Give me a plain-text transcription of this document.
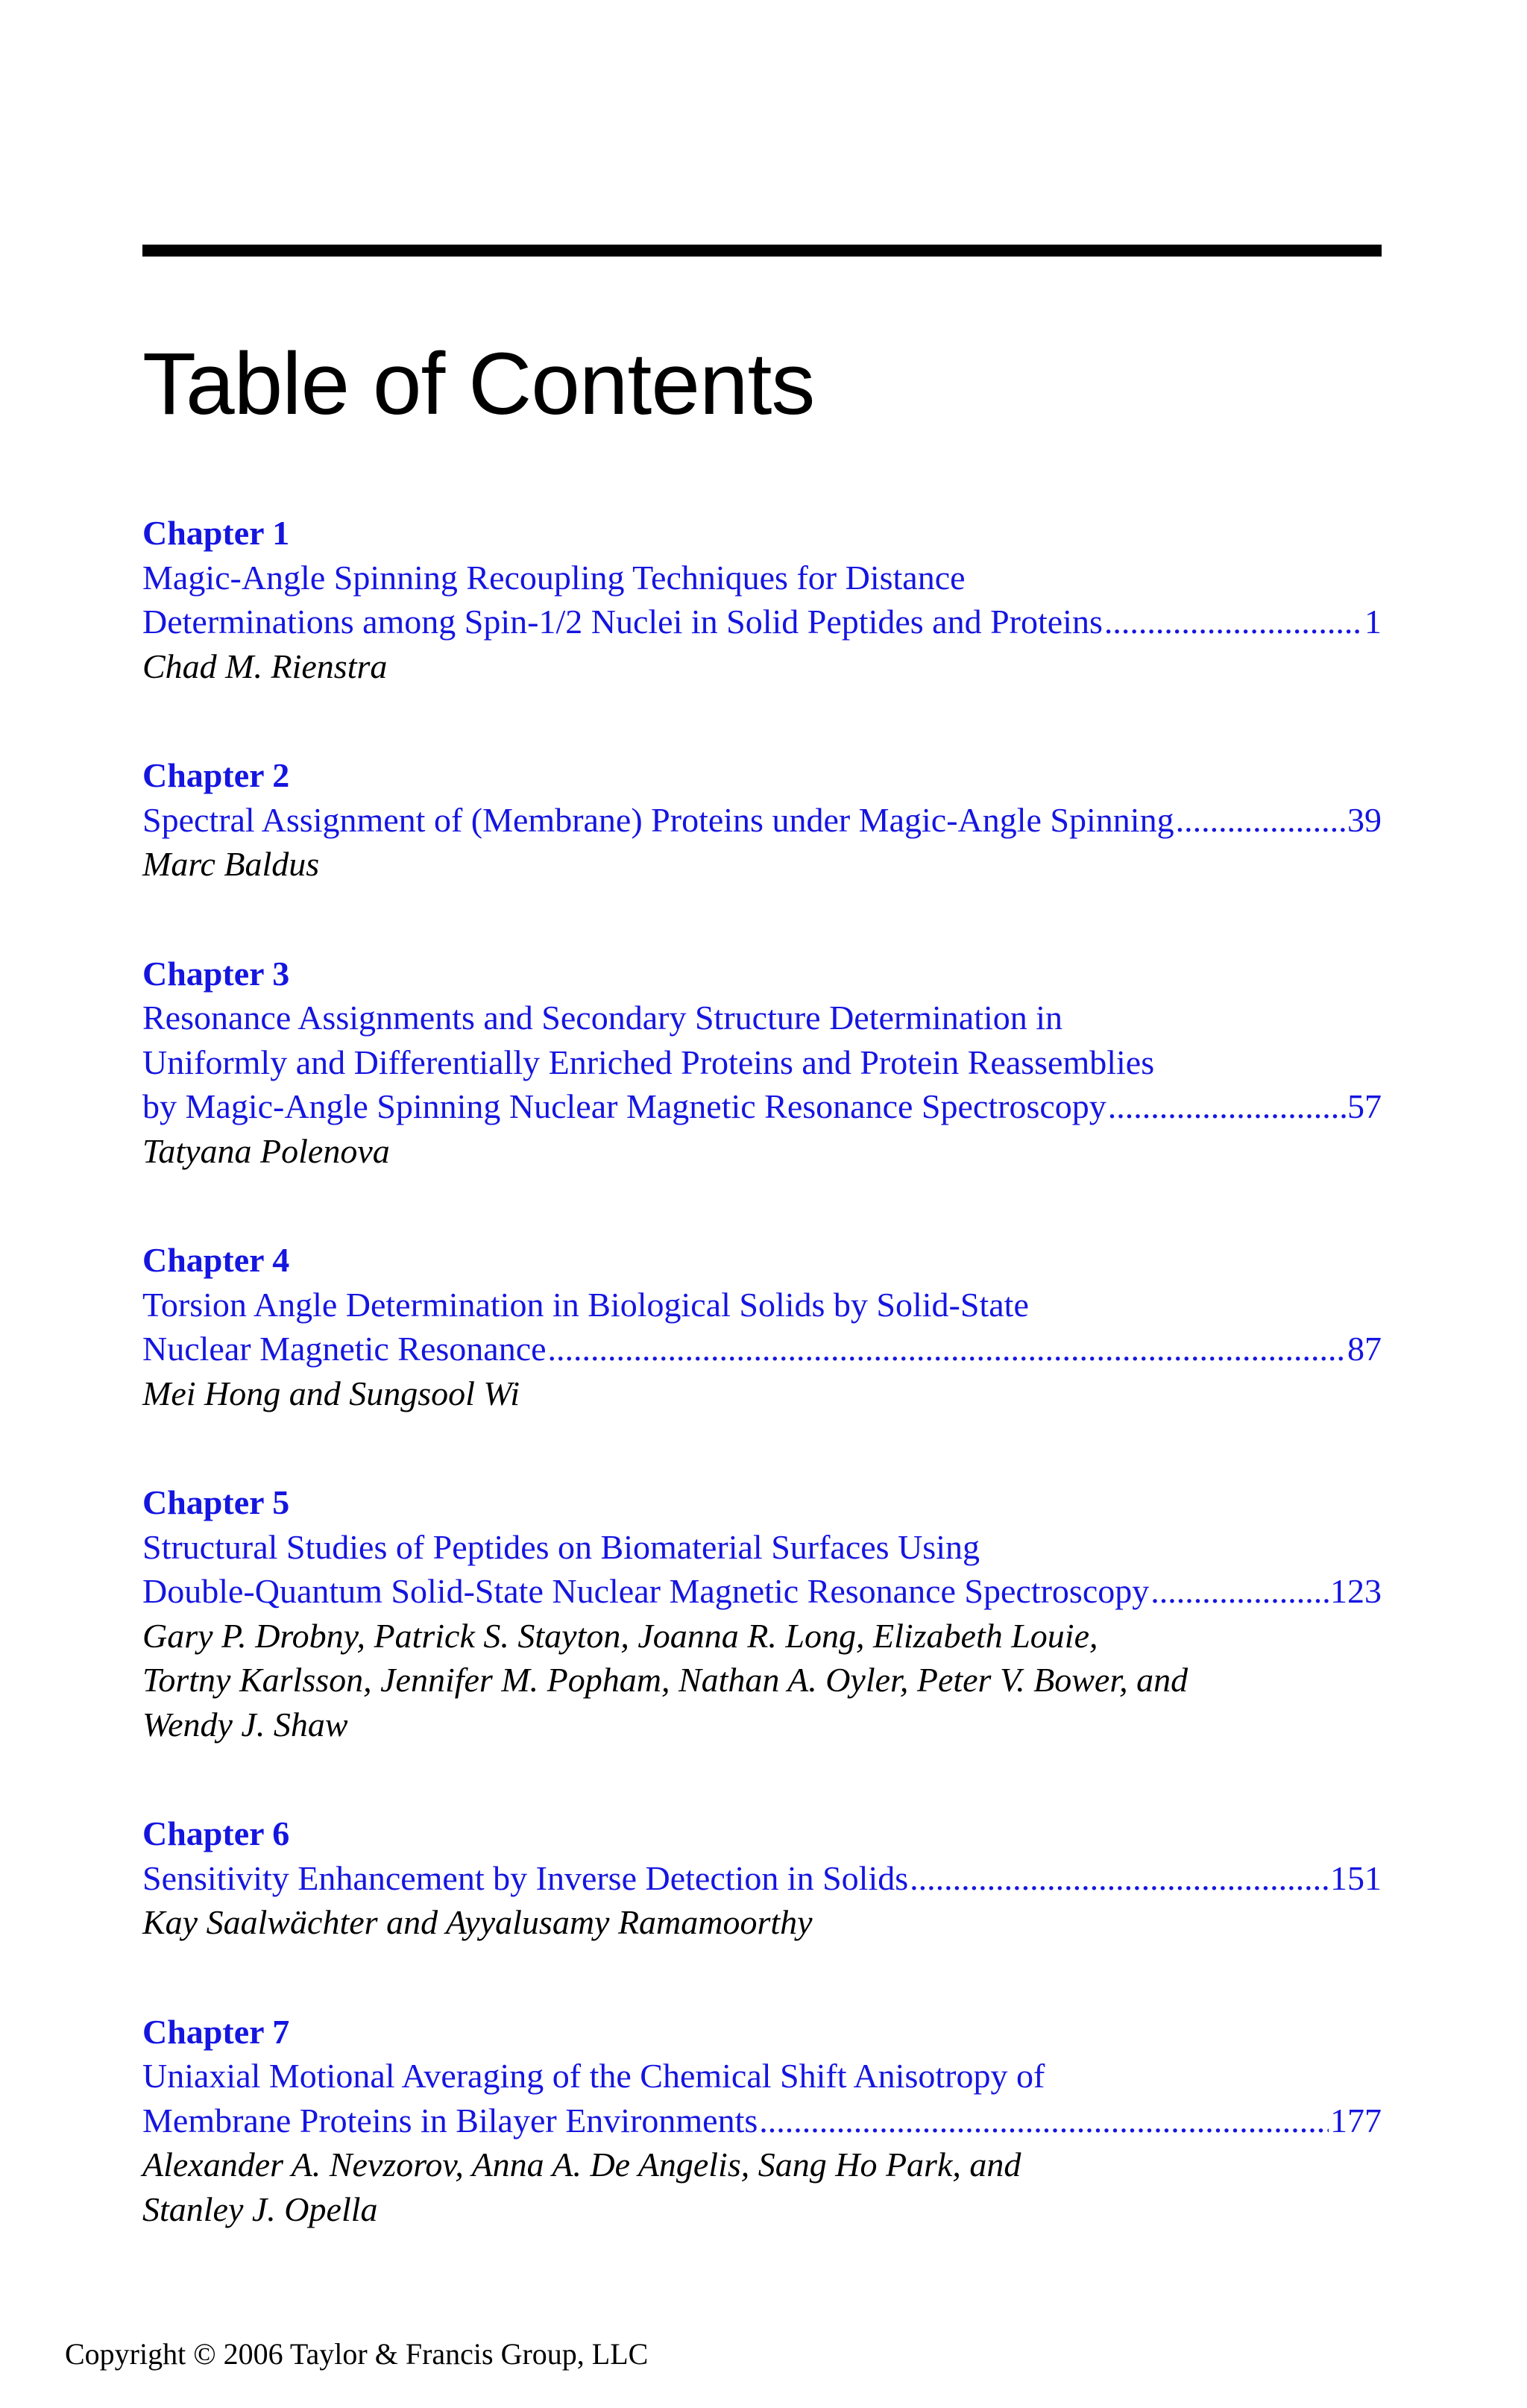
Table of Contents
Chapter 1
Magic-Angle Spinning Recoupling Techniques for Distance
Determinations among Spin-1/2 Nuclei in Solid Peptides and Proteins .....	1
Chad M. Rienstra
Chapter 2
Spectral Assignment of (Membrane) Proteins under Magic-Angle Spinning .....	39
Marc Baldus
Chapter 3
Resonance Assignments and Secondary Structure Determination in
Uniformly and Differentially Enriched Proteins and Protein Reassemblies
by Magic-Angle Spinning Nuclear Magnetic Resonance Spectroscopy .....	57
Tatyana Polenova
Chapter 4
Torsion Angle Determination in Biological Solids by Solid-State
Nuclear Magnetic Resonance .....	87
Mei Hong and Sungsool Wi
Chapter 5
Structural Studies of Peptides on Biomaterial Surfaces Using
Double-Quantum Solid-State Nuclear Magnetic Resonance Spectroscopy .....	123
Gary P. Drobny, Patrick S. Stayton, Joanna R. Long, Elizabeth Louie,
Tortny Karlsson, Jennifer M. Popham, Nathan A. Oyler, Peter V. Bower, and
Wendy J. Shaw
Chapter 6
Sensitivity Enhancement by Inverse Detection in Solids .....	151
Kay Saalwächter and Ayyalusamy Ramamoorthy
Chapter 7
Uniaxial Motional Averaging of the Chemical Shift Anisotropy of
Membrane Proteins in Bilayer Environments .....	177
Alexander A. Nevzorov, Anna A. De Angelis, Sang Ho Park, and
Stanley J. Opella
Copyright © 2006 Taylor & Francis Group, LLC
